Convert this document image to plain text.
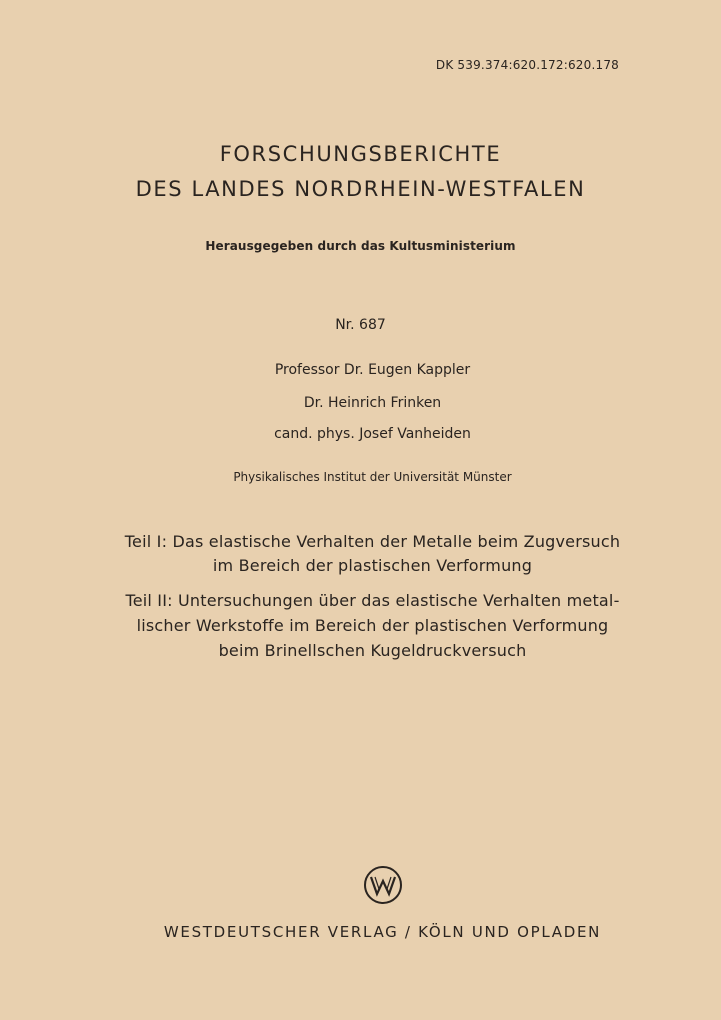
DK 539.374:620.172:620.178
FORSCHUNGSBERICHTE
DES LANDES NORDRHEIN-WESTFALEN
Herausgegeben durch das Kultusministerium
Nr. 687
Professor Dr. Eugen Kappler
Dr. Heinrich Frinken
cand. phys. Josef Vanheiden
Physikalisches Institut der Universität Münster
Teil I: Das elastische Verhalten der Metalle beim Zugversuch
im Bereich der plastischen Verformung
Teil II: Untersuchungen über das elastische Verhalten metal-
lischer Werkstoffe im Bereich der plastischen Verformung
beim Brinellschen Kugeldruckversuch
WESTDEUTSCHER VERLAG / KÖLN UND OPLADEN
